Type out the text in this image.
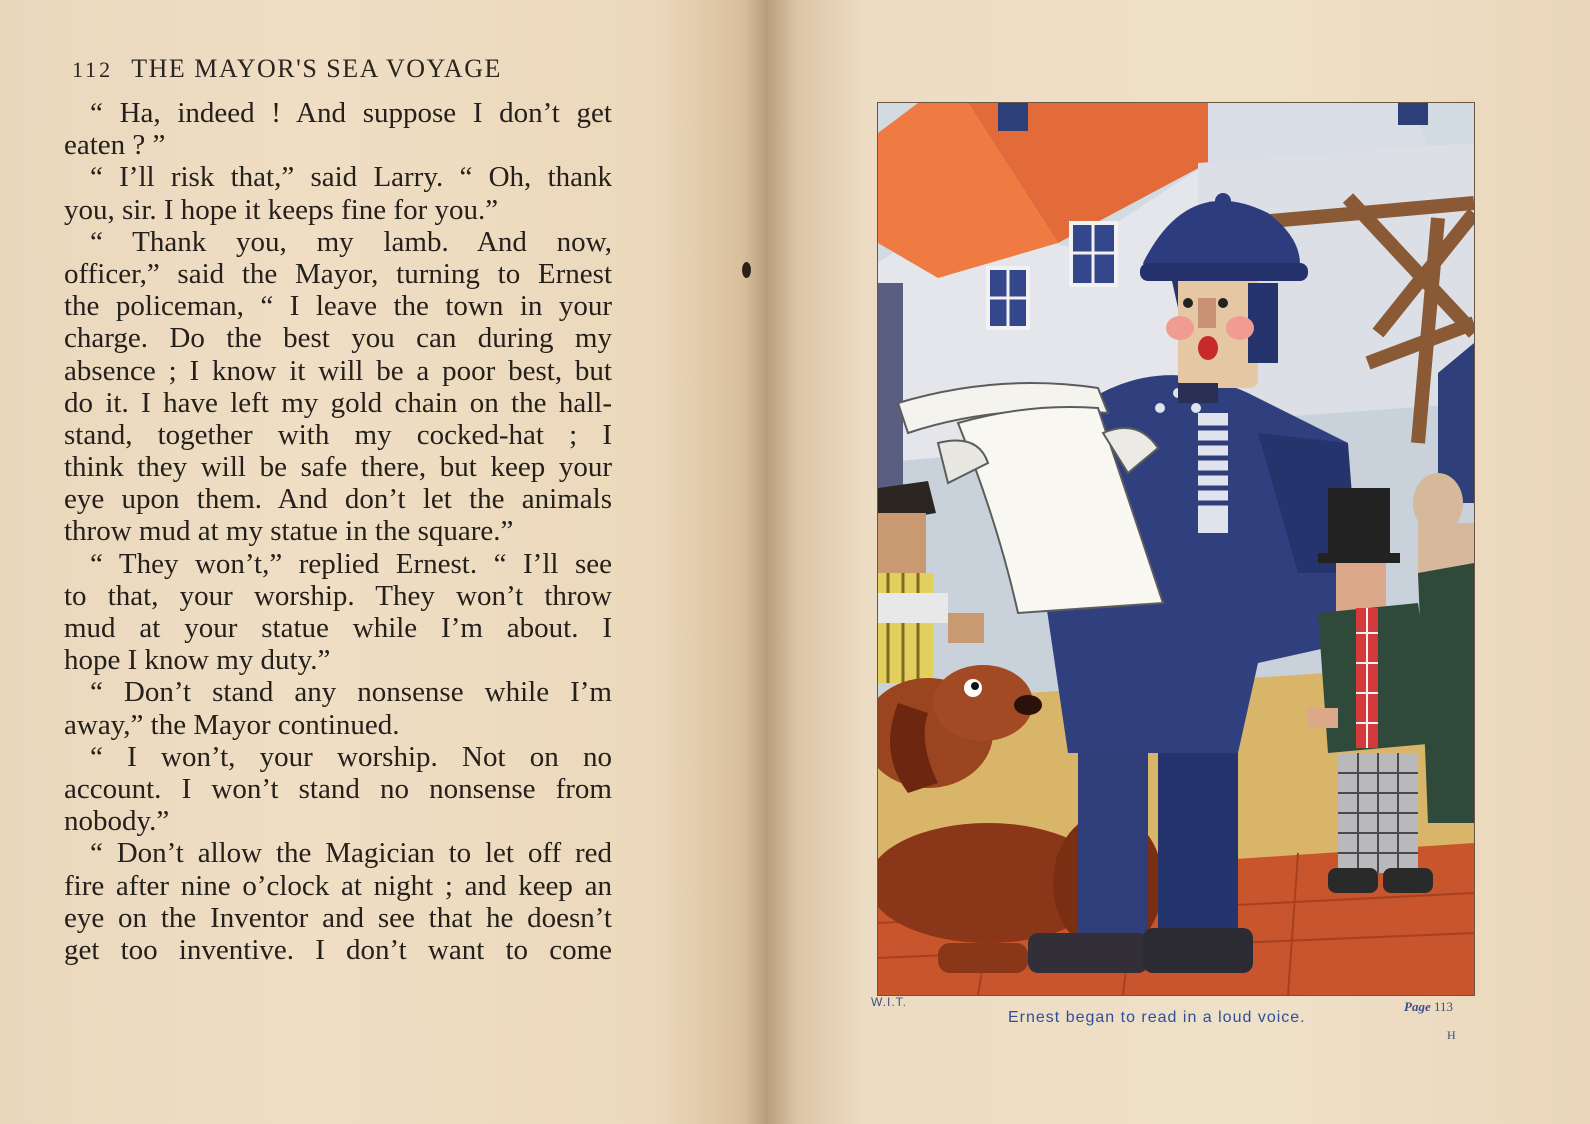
112 THE MAYOR'S SEA VOYAGE
“ Ha, indeed ! And suppose I don’t get
eaten ? ”
“ I’ll risk that,” said Larry. “ Oh, thank
you, sir. I hope it keeps fine for you.”
“ Thank you, my lamb. And now,
officer,” said the Mayor, turning to Ernest
the policeman, “ I leave the town in your
charge. Do the best you can during my
absence ; I know it will be a poor best, but
do it. I have left my gold chain on the hall-
stand, together with my cocked-hat ; I
think they will be safe there, but keep your
eye upon them. And don’t let the animals
throw mud at my statue in the square.”
“ They won’t,” replied Ernest. “ I’ll see
to that, your worship. They won’t throw
mud at your statue while I’m about. I
hope I know my duty.”
“ Don’t stand any nonsense while I’m
away,” the Mayor continued.
“ I won’t, your worship. Not on no
account. I won’t stand no nonsense from
nobody.”
“ Don’t allow the Magician to let off red
fire after nine o’clock at night ; and keep an
eye on the Inventor and see that he doesn’t
get too inventive. I don’t want to come
W.I.T.	Page 113
Ernest began to read in a loud voice.
H
